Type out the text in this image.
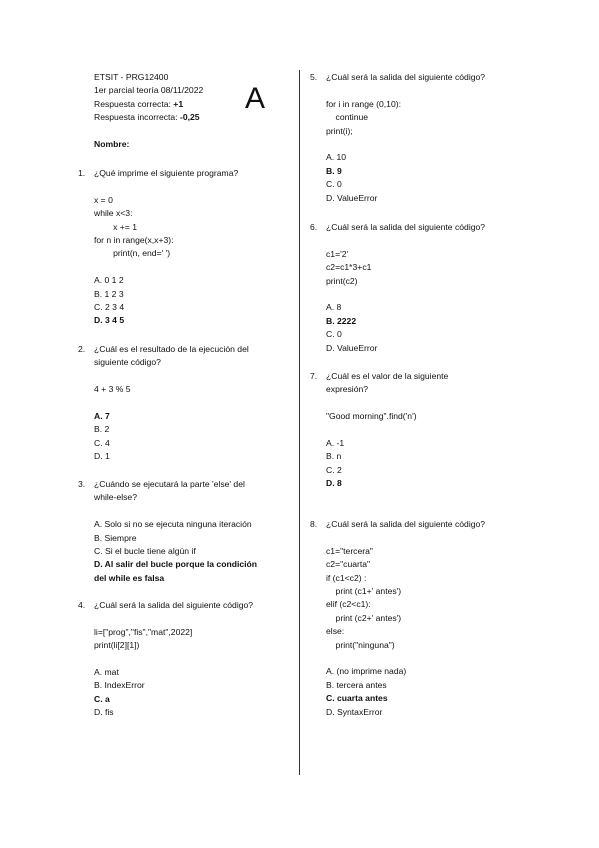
ETSIT - PRG12400
1er parcial teoría 08/11/2022
Respuesta correcta: +1
Respuesta incorrecta: -0,25

Nombre:
A
1. ¿Qué imprime el siguiente programa?

x = 0
while x<3:
x += 1
for n in range(x,x+3):
print(n, end=' ')

A. 0 1 2
B. 1 2 3
C. 2 3 4
D. 3 4 5
2. ¿Cuál es el resultado de la ejecución del
siguiente código?

4 + 3 % 5

A. 7
B. 2
C. 4
D. 1
3. ¿Cuándo se ejecutará la parte 'else' del
while-else?

A. Solo si no se ejecuta ninguna iteración
B. Siempre
C. Si el bucle tiene algún if
D. Al salir del bucle porque la condición
del while es falsa
4. ¿Cuál será la salida del siguiente código?

li=["prog","fis","mat",2022]
print(li[2][1])

A. mat
B. IndexError
C. a
D. fis
5. ¿Cuál será la salida del siguiente código?

for i in range (0,10):
continue
print(i);

A. 10
B. 9
C. 0
D. ValueError
6. ¿Cuál será la salida del siguiente código?

c1='2'
c2=c1*3+c1
print(c2)

A. 8
B. 2222
C. 0
D. ValueError
7. ¿Cuál es el valor de la siguiente
expresión?

"Good morning".find('n')

A. -1
B. n
C. 2
D. 8
8. ¿Cuál será la salida del siguiente código?

c1="tercera"
c2="cuarta"
if (c1<c2) :
print (c1+' antes')
elif (c2<c1):
print (c2+' antes')
else:
print("ninguna")

A. (no imprime nada)
B. tercera antes
C. cuarta antes
D. SyntaxError
